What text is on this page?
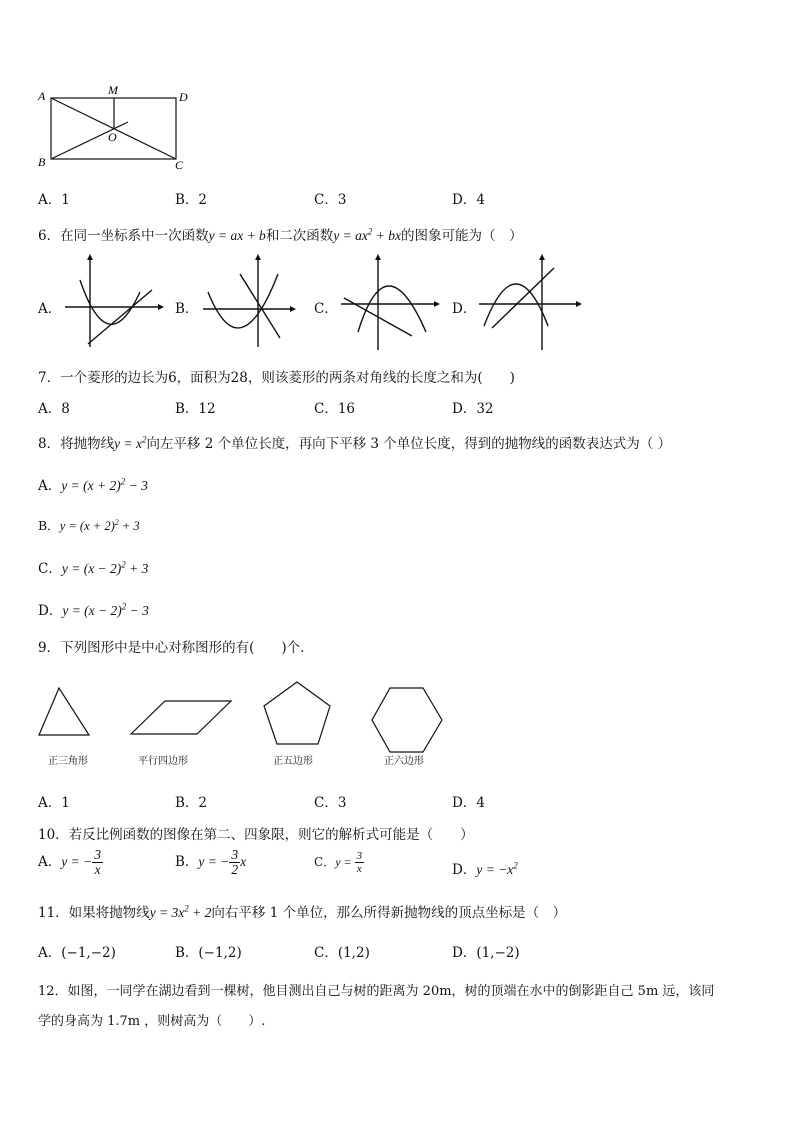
A	M	D
O
B	C
A．1	B．2	C．3	D．4
6．在同一坐标系中一次函数y = ax + b和二次函数$y = ax^2$ + bx的图象可能为（　）
A．	B．	C．	D．
7．一个菱形的边长为6，面积为28，则该菱形的两条对角线的长度之和为(　　)
A．8	B．12	C．16	D．32
8．将抛物线$y = x^2$向左平移 2 个单位长度，再向下平移 3 个单位长度，得到的抛物线的函数表达式为（ ）
A．$y = (x + 2)^2 - 3$
B．$y = (x + 2)^2 + 3$
C．$y = (x - 2)^2 + 3$
D．$y = (x - 2)^2 - 3$
9．下列图形中是中心对称图形的有(　　)个.
正三角形	平行四边形	正五边形	正六边形
A．1	B．2	C．3	D．4
10．若反比例函数的图像在第二、四象限，则它的解析式可能是（　　）
A．y = − $\frac{3}{x}$	B．y = − $\frac{3}{2}$ x	C．$y = \frac{3}{x}$	D．$y = -x^2$
11．如果将抛物线$y = 3x^2 + 2$向右平移 1 个单位，那么所得新抛物线的顶点坐标是（　）
A．(−1,−2)	B．(−1,2)	C．(1,2)	D．(1,−2)
12．如图，一同学在湖边看到一棵树，他目测出自己与树的距离为 20m，树的顶端在水中的倒影距自己 5m 远，该同
学的身高为 1.7m ，则树高为（　　）.
